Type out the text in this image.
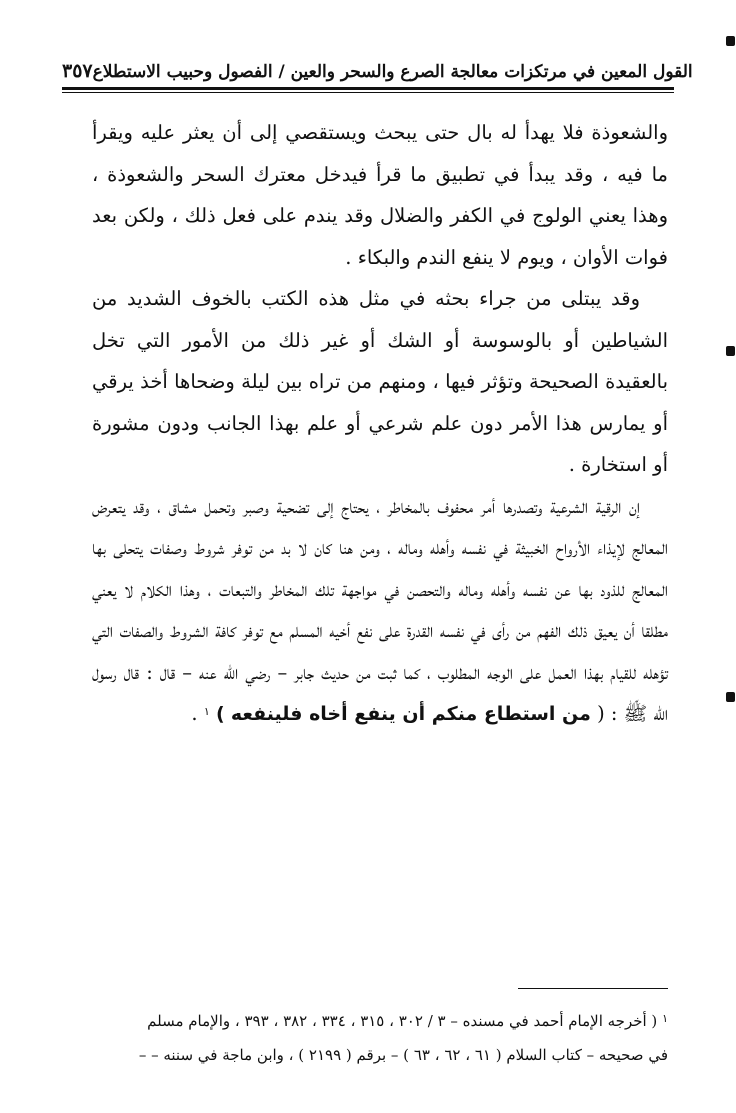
٣٥٧ القول المعين في مرتكزات معالجة الصرع والسحر والعين / الفصول وحبيب الاستطلاع

والشعوذة فلا يهدأ له بال حتى يبحث ويستقصي إلى أن يعثر عليه ويقرأ ما فيه ، وقد يبدأ في تطبيق ما قرأ فيدخل معترك السحر والشعوذة ، وهذا يعني الولوج في الكفر والضلال وقد يندم على فعل ذلك ، ولكن بعد فوات الأوان ، ويوم لا ينفع الندم والبكاء .

وقد يبتلى من جراء بحثه في مثل هذه الكتب بالخوف الشديد من الشياطين أو بالوسوسة أو الشك أو غير ذلك من الأمور التي تخل بالعقيدة الصحيحة وتؤثر فيها ، ومنهم من تراه بين ليلة وضحاها أخذ يرقي أو يمارس هذا الأمر دون علم شرعي أو علم بهذا الجانب ودون مشورة أو استخارة .

إن الرقية الشرعية وتصدرها أمر محفوف بالمخاطر ، يحتاج إلى تضحية وصبر وتحمل مشاق ، وقد يتعرض المعالج لإيذاء الأرواح الخبيثة في نفسه وأهله وماله ، ومن هنا كان لا بد من توفر شروط وصفات يتحلى بها المعالج للذود بها عن نفسه وأهله وماله والتحصن في مواجهة تلك المخاطر والتبعات ، وهذا الكلام لا يعني مطلقا أن يعيق ذلك الفهم من رأى في نفسه القدرة على نفع أخيه المسلم مع توفر كافة الشروط والصفات التي تؤهله للقيام بهذا العمل على الوجه المطلوب ، كما ثبت من حديث جابر – رضي الله عنه – قال : قال رسول الله ﷺ : ( من استطاع منكم أن ينفع أخاه فلينفعه ) $^١$ .

$^١$ ( أخرجه الإمام أحمد في مسنده – ٣ / ٣٠٢ ، ٣١٥ ، ٣٣٤ ، ٣٨٢ ، ٣٩٣ ، والإمام مسلم

في صحيحه – كتاب السلام ( ٦١ ، ٦٢ ، ٦٣ ) – برقم ( ٢١٩٩ ) ، وابن ماجة في سننه – –
